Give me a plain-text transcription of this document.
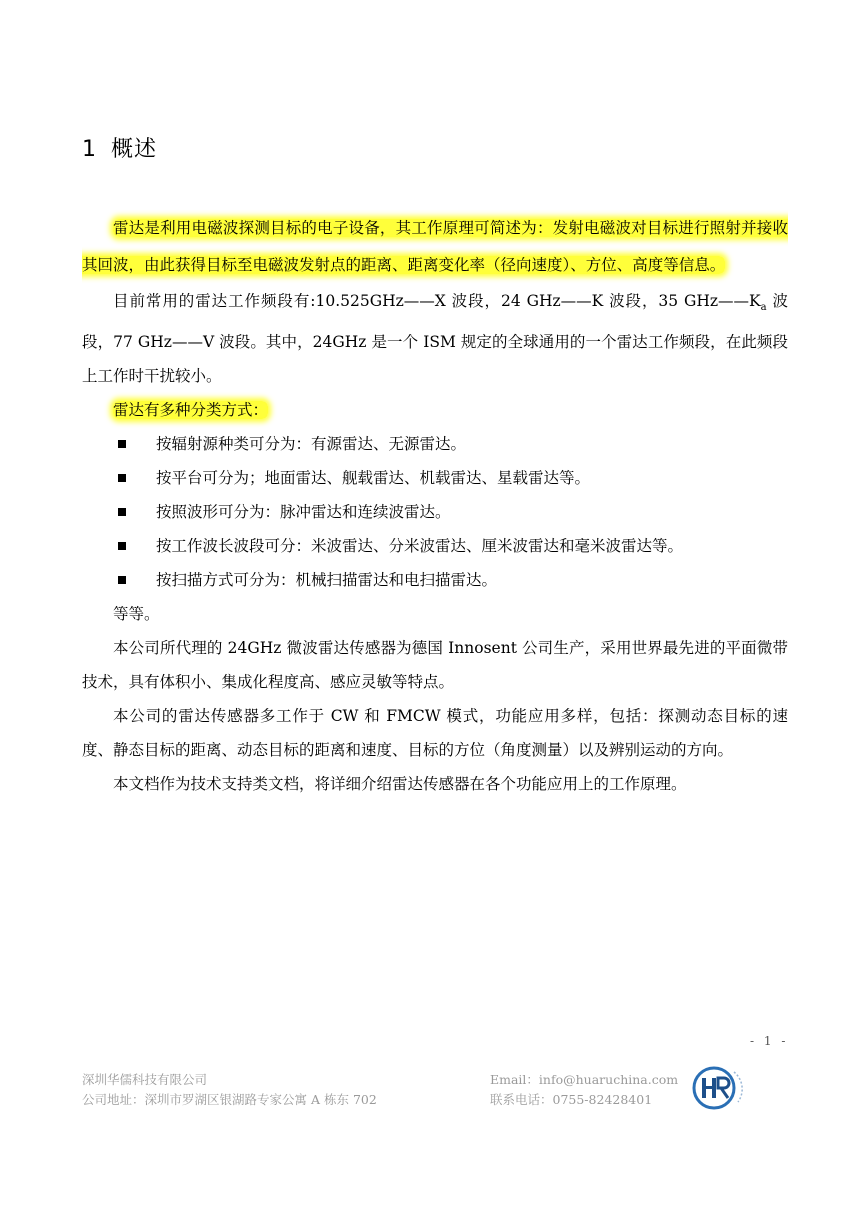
1 概述

雷达是利用电磁波探测目标的电子设备，其工作原理可简述为：发射电磁波对目标进行照射并接收其回波，由此获得目标至电磁波发射点的距离、距离变化率（径向速度）、方位、高度等信息。

目前常用的雷达工作频段有:10.525GHz——X 波段，24 GHz——K 波段，35 $GHz——K_a$ 波段，77 GHz——V 波段。其中，24GHz 是一个 ISM 规定的全球通用的一个雷达工作频段，在此频段上工作时干扰较小。

雷达有多种分类方式：

按辐射源种类可分为：有源雷达、无源雷达。
按平台可分为；地面雷达、舰载雷达、机载雷达、星载雷达等。
按照波形可分为：脉冲雷达和连续波雷达。
按工作波长波段可分：米波雷达、分米波雷达、厘米波雷达和毫米波雷达等。
按扫描方式可分为：机械扫描雷达和电扫描雷达。

等等。

本公司所代理的 24GHz 微波雷达传感器为德国 Innosent 公司生产，采用世界最先进的平面微带技术，具有体积小、集成化程度高、感应灵敏等特点。

本公司的雷达传感器多工作于 CW 和 FMCW 模式，功能应用多样，包括：探测动态目标的速度、静态目标的距离、动态目标的距离和速度、目标的方位（角度测量）以及辨别运动的方向。

本文档作为技术支持类文档，将详细介绍雷达传感器在各个功能应用上的工作原理。

- 1 -
深圳华儒科技有限公司
公司地址：深圳市罗湖区银湖路专家公寓 A 栋东 702
Email：info@huaruchina.com
联系电话：0755-82428401
